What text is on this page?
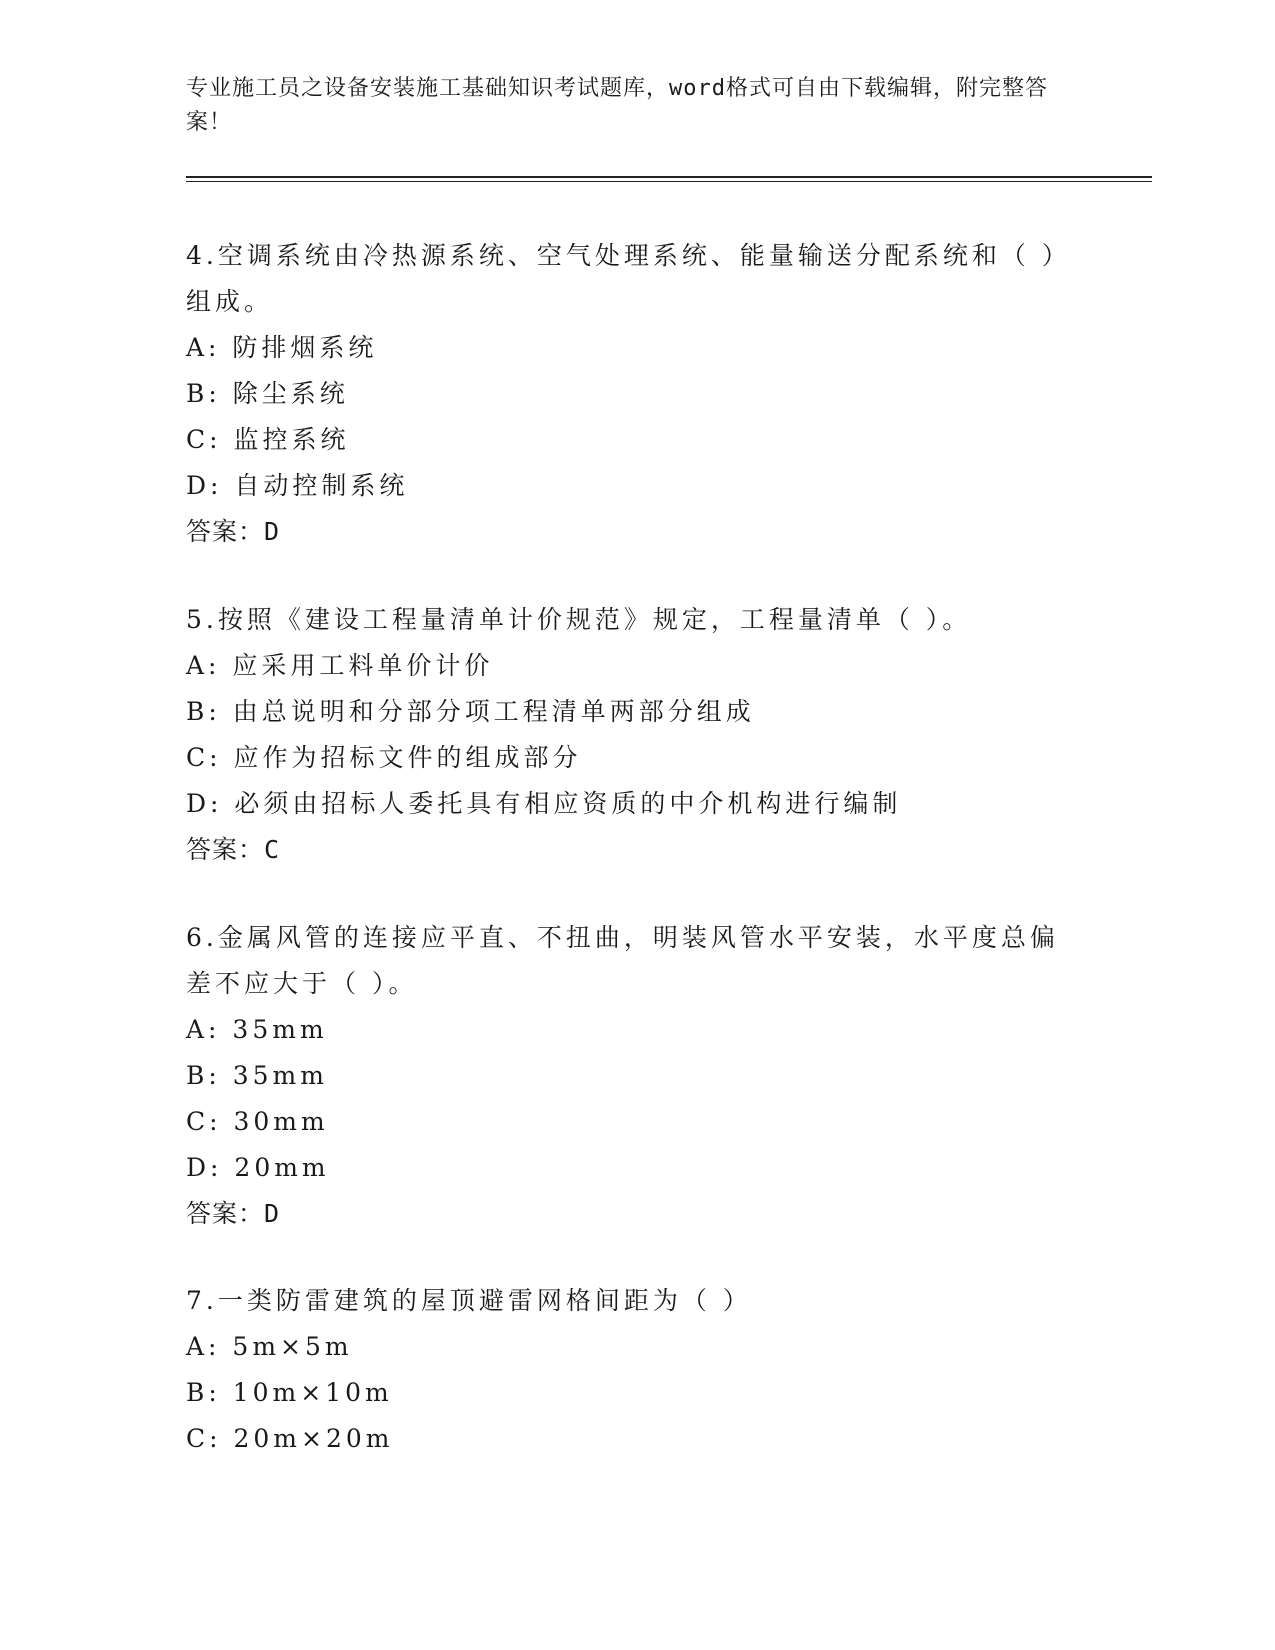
专业施工员之设备安装施工基础知识考试题库，word格式可自由下载编辑，附完整答案！

4.空调系统由冷热源系统、空气处理系统、能量输送分配系统和（ ）组成。

A: 防排烟系统

B: 除尘系统

C: 监控系统

D: 自动控制系统

答案：D

5.按照《建设工程量清单计价规范》规定，工程量清单（ ）。

A: 应采用工料单价计价

B: 由总说明和分部分项工程清单两部分组成

C: 应作为招标文件的组成部分

D: 必须由招标人委托具有相应资质的中介机构进行编制

答案：C

6.金属风管的连接应平直、不扭曲，明装风管水平安装，水平度总偏差不应大于（ ）。

A: 35mm

B: 35mm

C: 30mm

D: 20mm

答案：D

7.一类防雷建筑的屋顶避雷网格间距为（ ）

A: 5m×5m

B: 10m×10m

C: 20m×20m
